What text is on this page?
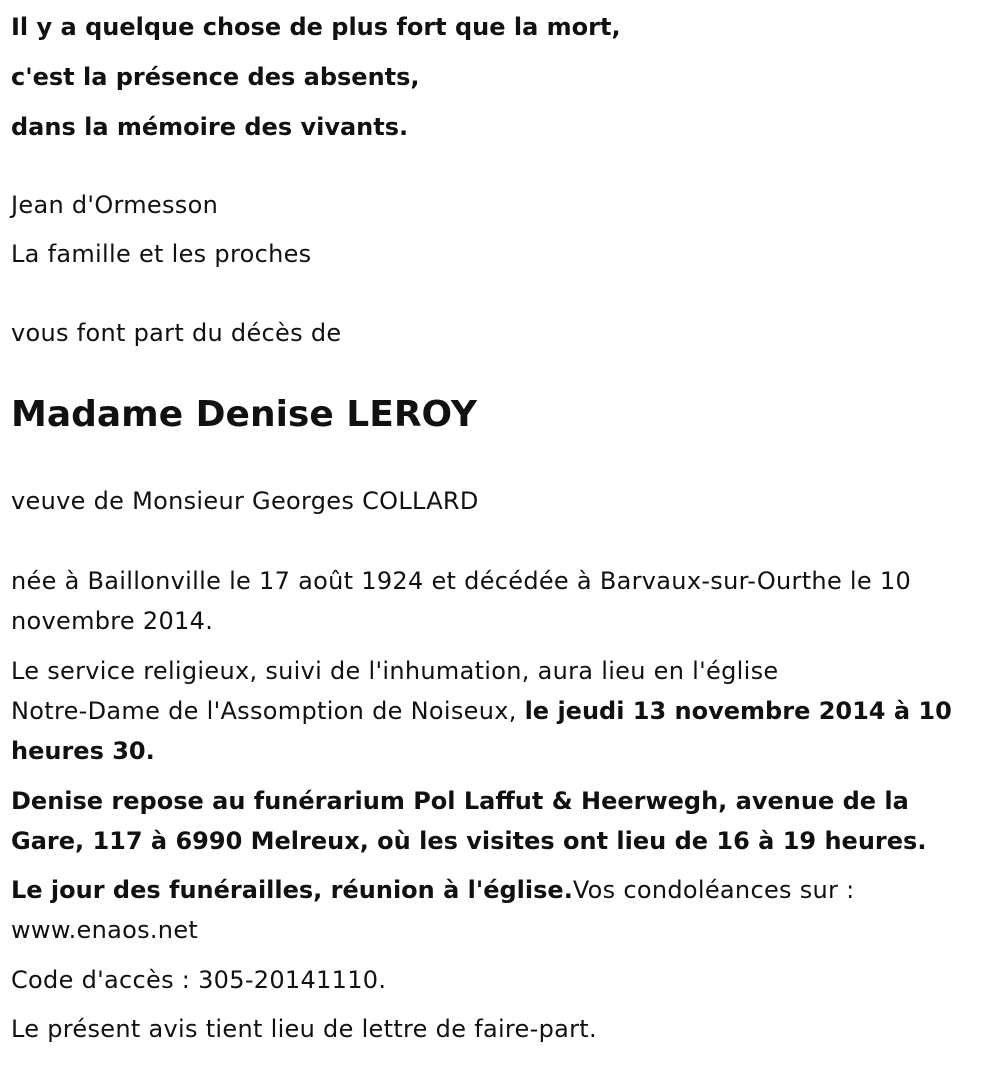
Il y a quelque chose de plus fort que la mort,
c'est la présence des absents,
dans la mémoire des vivants.
Jean d'Ormesson
La famille et les proches
vous font part du décès de
Madame Denise LEROY
veuve de Monsieur Georges COLLARD
née à Baillonville le 17 août 1924 et décédée à Barvaux-sur-Ourthe le 10
novembre 2014.
Le service religieux, suivi de l'inhumation, aura lieu en l'église
Notre-Dame de l'Assomption de Noiseux, le jeudi 13 novembre 2014 à 10
heures 30.
Denise repose au funérarium Pol Laffut & Heerwegh, avenue de la
Gare, 117 à 6990 Melreux, où les visites ont lieu de 16 à 19 heures.
Le jour des funérailles, réunion à l'église.Vos condoléances sur :
www.enaos.net
Code d'accès : 305-20141110.
Le présent avis tient lieu de lettre de faire-part.
